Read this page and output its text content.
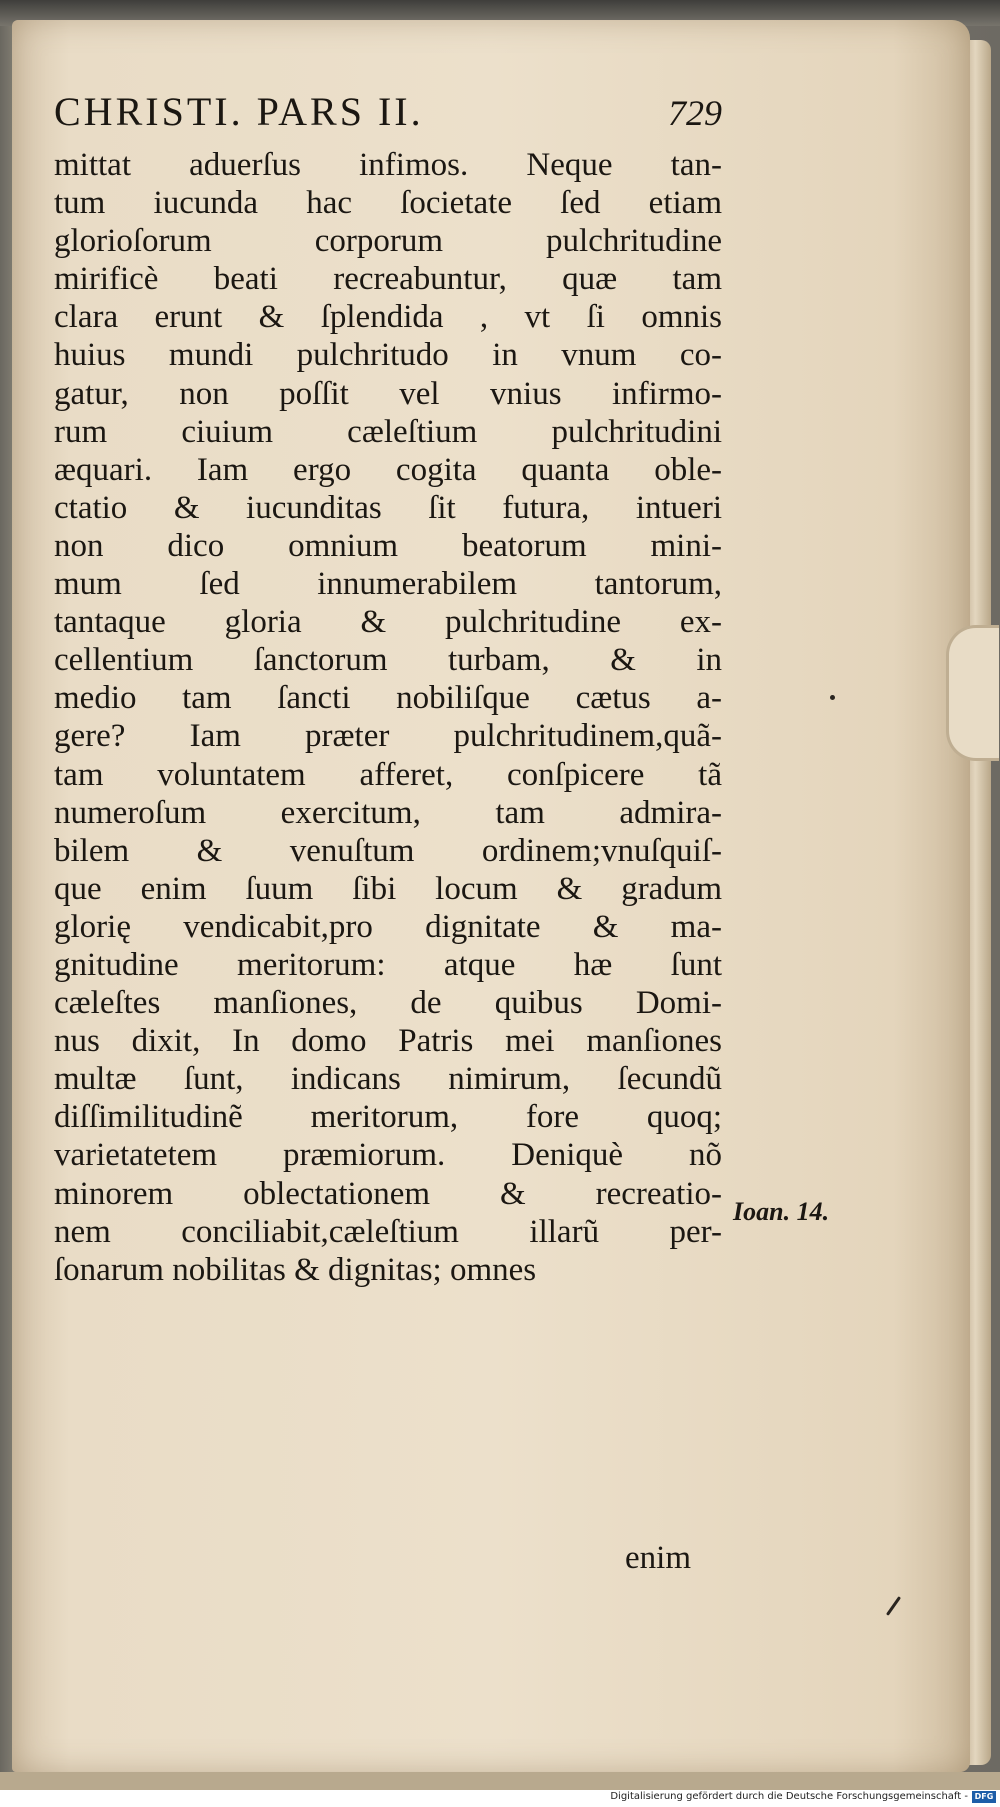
CHRISTI. PARS II.	729
mittat aduerſus infimos. Neque tan-
tum iucunda hac ſocietate ſed etiam
glorioſorum corporum pulchritudine
mirificè beati recreabuntur, quæ tam
clara erunt & ſplendida , vt ſi omnis
huius mundi pulchritudo in vnum co-
gatur, non poſſit vel vnius infirmo-
rum ciuium cæleſtium pulchritudini
æquari. Iam ergo cogita quanta oble-
ctatio & iucunditas ſit futura, intueri
non dico omnium beatorum mini-
mum ſed innumerabilem tantorum,
tantaque gloria & pulchritudine ex-
cellentium ſanctorum turbam, & in
medio tam ſancti nobiliſque cætus a-
gere? Iam præter pulchritudinem,quã-
tam voluntatem afferet, conſpicere tã
numeroſum exercitum, tam admira-
bilem & venuſtum ordinem;vnuſquiſ-
que enim ſuum ſibi locum & gradum
glorię vendicabit,pro dignitate & ma-
gnitudine meritorum: atque hæ ſunt
cæleſtes manſiones, de quibus Domi-
nus dixit, In domo Patris mei manſiones
multæ ſunt, indicans nimirum, ſecundũ
diſſimilitudinẽ meritorum, fore quoq;
varietatetem præmiorum. Deniquè nõ
minorem oblectationem & recreatio-
nem conciliabit,cæleſtium illarũ per-
ſonarum nobilitas & dignitas; omnes
Ioan. 14.
enim
Digitalisierung gefördert durch die Deutsche Forschungsgemeinschaft - DFG
